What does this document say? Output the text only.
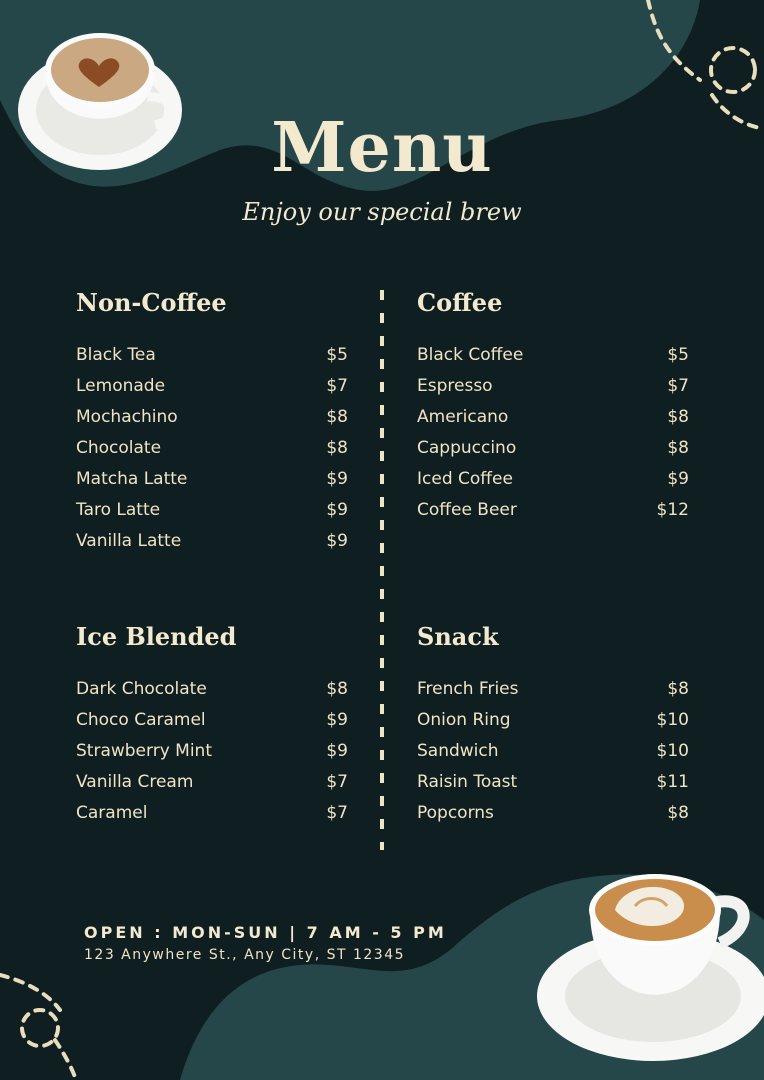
Menu
Enjoy our special brew
Non-Coffee
Black Tea	$5
Lemonade	$7
Mochachino	$8
Chocolate	$8
Matcha Latte	$9
Taro Latte	$9
Vanilla Latte	$9
Coffee
Black Coffee	$5
Espresso	$7
Americano	$8
Cappuccino	$8
Iced Coffee	$9
Coffee Beer	$12
Ice Blended
Dark Chocolate	$8
Choco Caramel	$9
Strawberry Mint	$9
Vanilla Cream	$7
Caramel	$7
Snack
French Fries	$8
Onion Ring	$10
Sandwich	$10
Raisin Toast	$11
Popcorns	$8
OPEN : MON-SUN | 7 AM - 5 PM
123 Anywhere St., Any City, ST 12345
